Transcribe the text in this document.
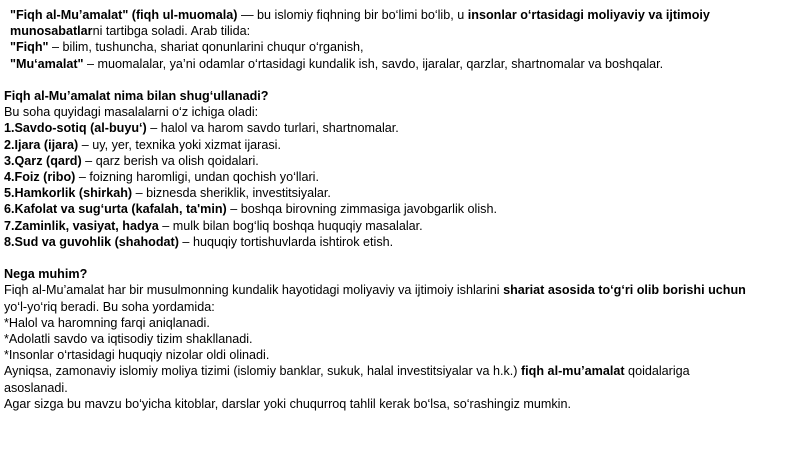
"Fiqh al-Mu’amalat" (fiqh ul-muomala) — bu islomiy fiqhning bir bo‘limi bo‘lib, u insonlar o‘rtasidagi moliyaviy va ijtimoiy
munosabatlarni tartibga soladi. Arab tilida:
"Fiqh" – bilim, tushuncha, shariat qonunlarini chuqur o‘rganish,
"Mu‘amalat" – muomalalar, ya’ni odamlar o‘rtasidagi kundalik ish, savdo, ijaralar, qarzlar, shartnomalar va boshqalar.
Fiqh al-Mu’amalat nima bilan shug‘ullanadi?
Bu soha quyidagi masalalarni o‘z ichiga oladi:
1.Savdo-sotiq (al-buyu‘) – halol va harom savdo turlari, shartnomalar.
2.Ijara (ijara) – uy, yer, texnika yoki xizmat ijarasi.
3.Qarz (qard) – qarz berish va olish qoidalari.
4.Foiz (ribo) – foizning haromligi, undan qochish yo‘llari.
5.Hamkorlik (shirkah) – biznesda sheriklik, investitsiyalar.
6.Kafolat va sug‘urta (kafalah, ta'min) – boshqa birovning zimmasiga javobgarlik olish.
7.Zaminlik, vasiyat, hadya – mulk bilan bog‘liq boshqa huquqiy masalalar.
8.Sud va guvohlik (shahodat) – huquqiy tortishuvlarda ishtirok etish.
Nega muhim?
Fiqh al-Mu’amalat har bir musulmonning kundalik hayotidagi moliyaviy va ijtimoiy ishlarini shariat asosida to‘g‘ri olib borishi uchun
yo‘l-yo‘riq beradi. Bu soha yordamida:
*Halol va haromning farqi aniqlanadi.
*Adolatli savdo va iqtisodiy tizim shakllanadi.
*Insonlar o‘rtasidagi huquqiy nizolar oldi olinadi.
Ayniqsa, zamonaviy islomiy moliya tizimi (islomiy banklar, sukuk, halal investitsiyalar va h.k.) fiqh al-mu’amalat qoidalariga
asoslanadi.
Agar sizga bu mavzu bo‘yicha kitoblar, darslar yoki chuqurroq tahlil kerak bo‘lsa, so‘rashingiz mumkin.
